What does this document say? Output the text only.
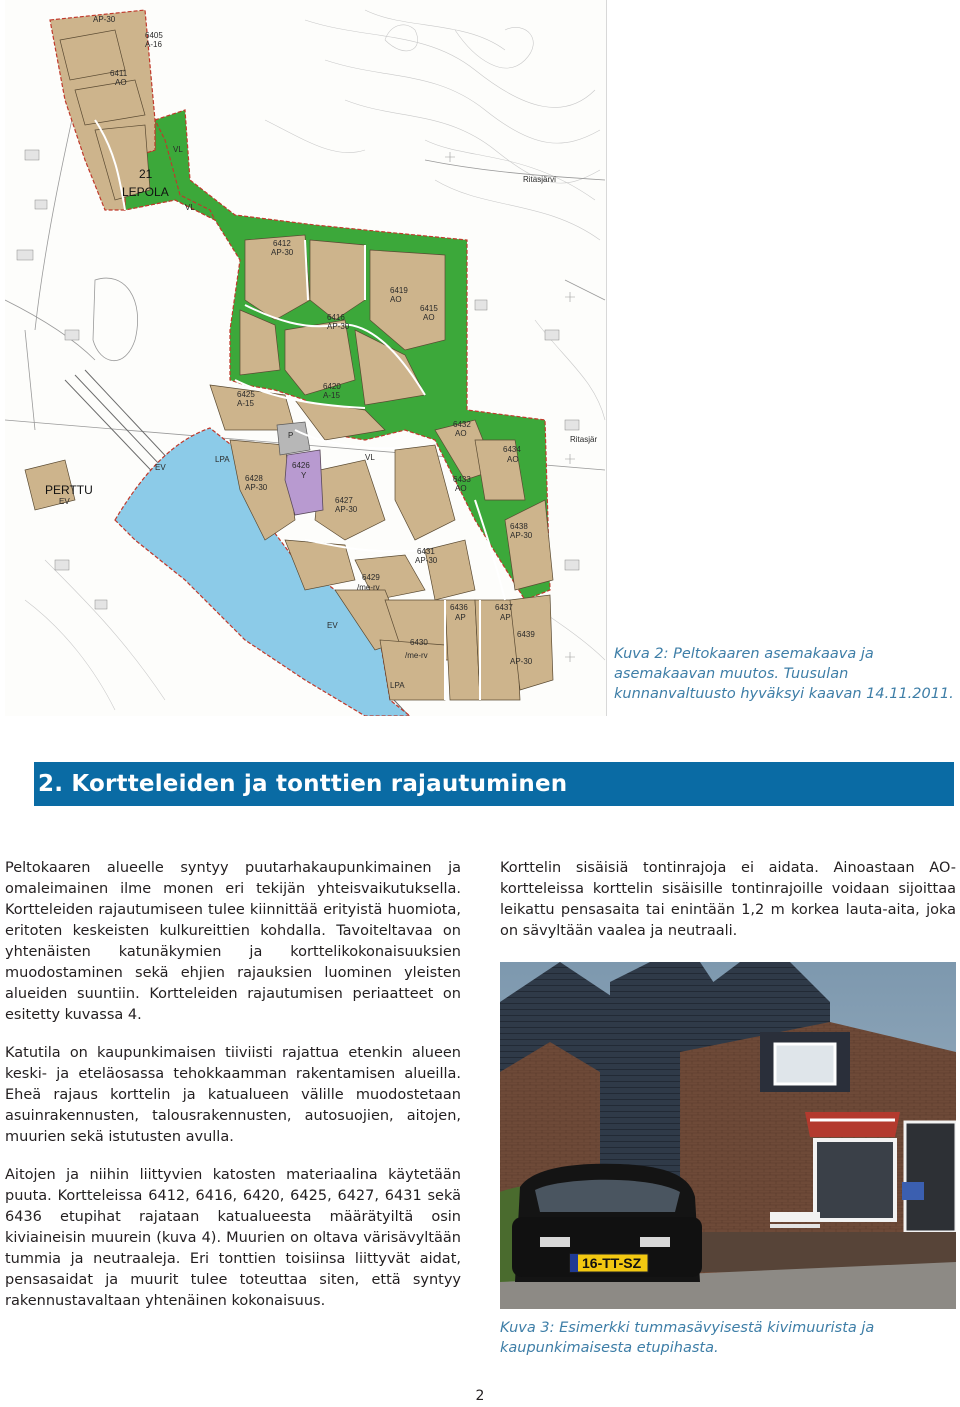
AP-30
6405
A-16
6411
AO
6412
AP-30
6416
AP-30
6419
AO
6420
A-15
6415
AO
6425
A-15
6426
Y
6427
AP-30
6429
/me-rv
6430
/me-rv
6431
AP-30
6432
AO
6434
AO
6436
AP
6437
AP
6438
AP-30
6439
AP-30
6428
AP-30
6433
AO
21
LEPOLA
PERTTU
Ritasjärvi
Ritasjär
VL
VL
VL
EV
EV
EV
LPA
LPA
P

Kuva 2: Peltokaaren asemakaava ja asemakaavan muutos. Tuusulan kunnanvaltuusto hyväksyi kaavan 14.11.2011.

2. Kortteleiden ja tonttien rajautuminen

Peltokaaren alueelle syntyy puutarhakaupunkimainen ja omaleimainen ilme monen eri tekijän yhteisvaikutuksella. Kortteleiden rajautumiseen tulee kiinnittää erityistä huomiota, eritoten keskeisten kulkureittien kohdalla. Tavoiteltavaa on yhtenäisten katunäkymien ja korttelikokonaisuuksien muodostaminen sekä ehjien rajauksien luominen yleisten alueiden suuntiin. Kortteleiden rajautumisen periaatteet on esitetty kuvassa 4.

Katutila on kaupunkimaisen tiiviisti rajattua etenkin alueen keski- ja eteläosassa tehokkaamman rakentamisen alueilla. Eheä rajaus korttelin ja katualueen välille muodostetaan asuinrakennusten, talousrakennusten, autosuojien, aitojen, muurien sekä istutusten avulla.

Aitojen ja niihin liittyvien katosten materiaalina käytetään puuta. Kortteleissa 6412, 6416, 6420, 6425, 6427, 6431 sekä 6436 etupihat rajataan katualueesta määrätyiltä osin kiviaineisin muurein (kuva 4). Muurien on oltava värisävyltään tummia ja neutraaleja. Eri tonttien toisiinsa liittyvät aidat, pensasaidat ja muurit tulee toteuttaa siten, että syntyy rakennustavaltaan yhtenäinen kokonaisuus.

Korttelin sisäisiä tontinrajoja ei aidata. Ainoastaan AO-kortteleissa korttelin sisäisille tontinrajoille voidaan sijoittaa leikattu pensasaita tai enintään 1,2 m korkea lauta-aita, joka on sävyltään vaalea ja neutraali.

16-TT-SZ

Kuva 3: Esimerkki tummasävyisestä kivimuurista ja kaupunkimaisesta etupihasta.

2
